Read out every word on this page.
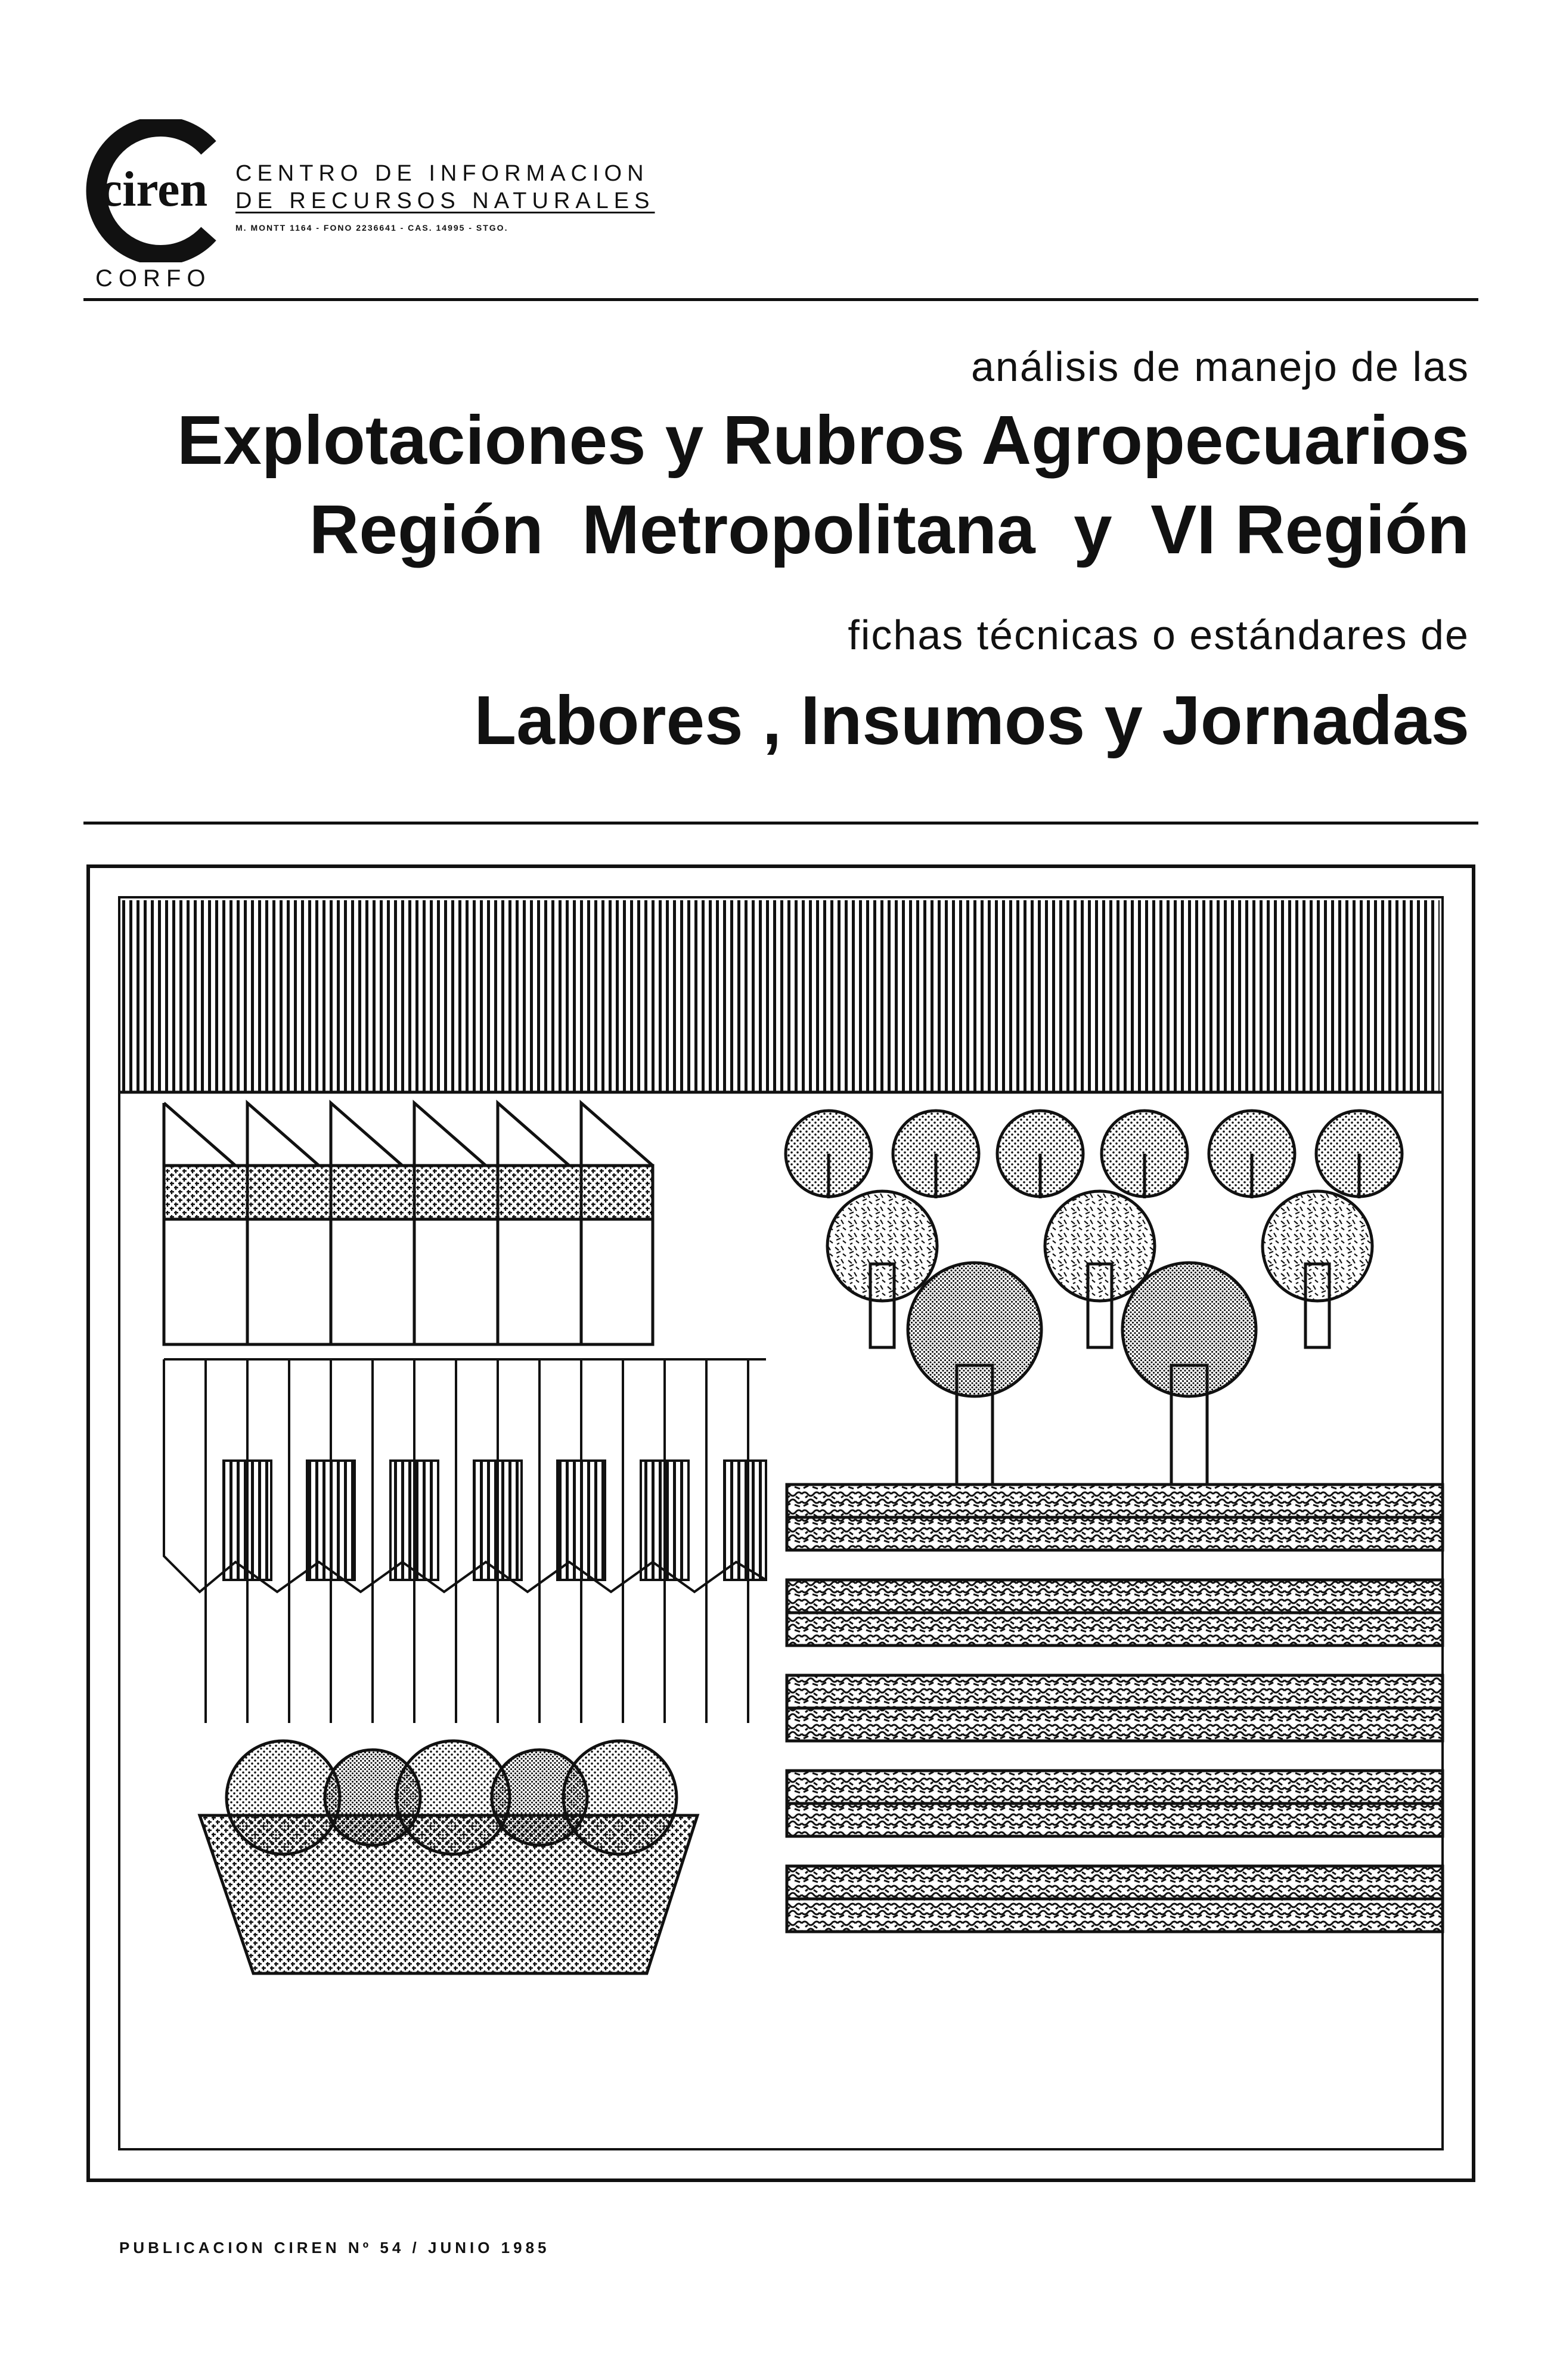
ciren
CORFO
CENTRO DE INFORMACION
DE RECURSOS NATURALES
M. MONTT 1164 - FONO 2236641 - CAS. 14995 - STGO.
análisis de manejo de las
Explotaciones y Rubros Agropecuarios
Región  Metropolitana  y  VI Región
fichas técnicas o estándares de
Labores , Insumos y Jornadas
PUBLICACION CIREN Nº 54 / JUNIO 1985
